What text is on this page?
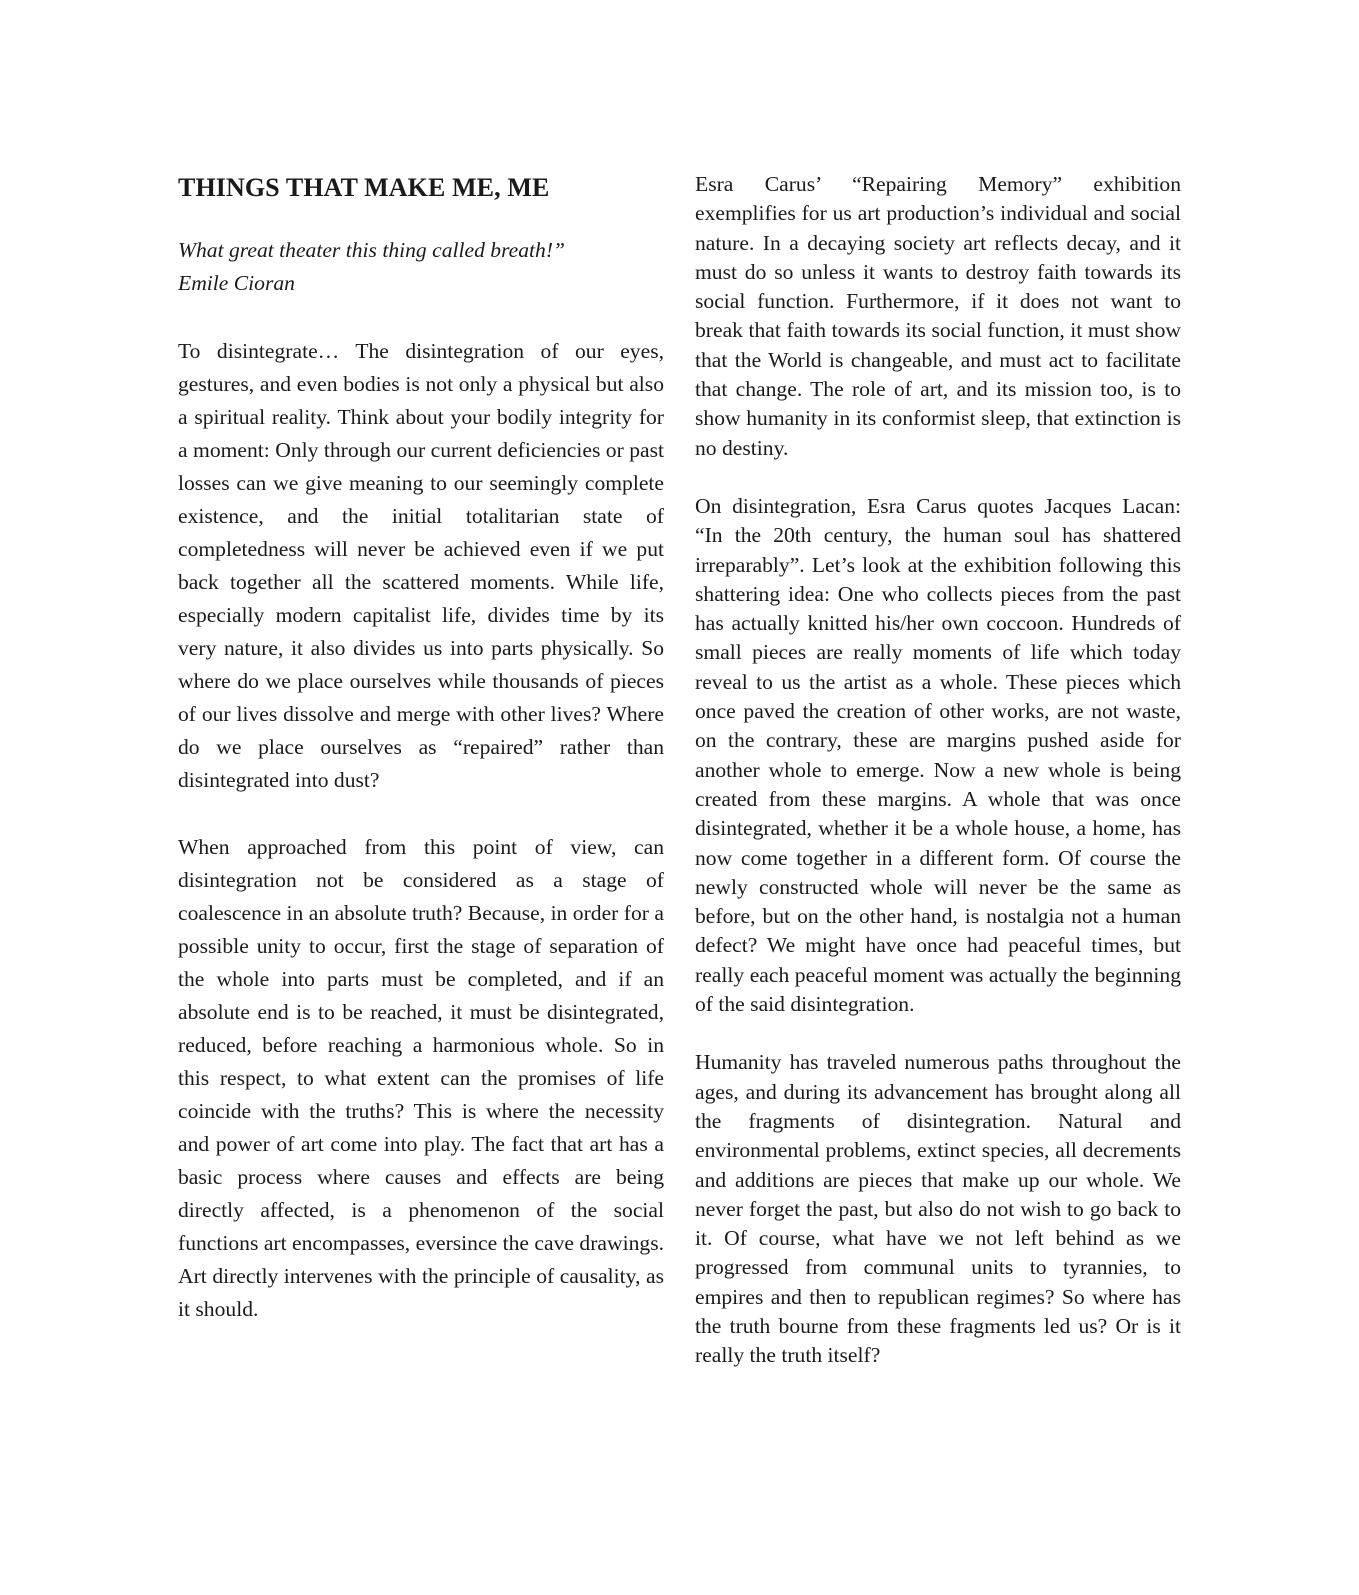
THINGS THAT MAKE ME, ME
What great theater this thing called breath!”
Emile Cioran

To disintegrate… The disintegration of our eyes, gestures, and even bodies is not only a physical but also a spiritual reality. Think about your bodily integrity for a moment: Only through our current deficiencies or past losses can we give meaning to our seemingly complete existence, and the initial totalitarian state of completedness will never be achieved even if we put back together all the scattered moments. While life, especially modern capitalist life, divides time by its very nature, it also divides us into parts physically. So where do we place ourselves while thousands of pieces of our lives dissolve and merge with other lives? Where do we place ourselves as “repaired” rather than disintegrated into dust?

When approached from this point of view, can disintegration not be considered as a stage of coalescence in an absolute truth? Because, in order for a possible unity to occur, first the stage of separation of the whole into parts must be completed, and if an absolute end is to be reached, it must be disintegrated, reduced, before reaching a harmonious whole. So in this respect, to what extent can the promises of life coincide with the truths? This is where the necessity and power of art come into play. The fact that art has a basic process where causes and effects are being directly affected, is a phenomenon of the social functions art encompasses, eversince the cave drawings. Art directly intervenes with the principle of causality, as it should.

Esra Carus’ “Repairing Memory” exhibition exemplifies for us art production’s individual and social nature. In a decaying society art reflects decay, and it must do so unless it wants to destroy faith towards its social function. Furthermore, if it does not want to break that faith towards its social function, it must show that the World is changeable, and must act to facilitate that change. The role of art, and its mission too, is to show humanity in its conformist sleep, that extinction is no destiny.

On disintegration, Esra Carus quotes Jacques Lacan: “In the 20th century, the human soul has shattered irreparably”. Let’s look at the exhibition following this shattering idea: One who collects pieces from the past has actually knitted his/her own coccoon. Hundreds of small pieces are really moments of life which today reveal to us the artist as a whole. These pieces which once paved the creation of other works, are not waste, on the contrary, these are margins pushed aside for another whole to emerge. Now a new whole is being created from these margins. A whole that was once disintegrated, whether it be a whole house, a home, has now come together in a different form. Of course the newly constructed whole will never be the same as before, but on the other hand, is nostalgia not a human defect? We might have once had peaceful times, but really each peaceful moment was actually the beginning of the said disintegration.

Humanity has traveled numerous paths throughout the ages, and during its advancement has brought along all the fragments of disintegration. Natural and environmental problems, extinct species, all decrements and additions are pieces that make up our whole. We never forget the past, but also do not wish to go back to it. Of course, what have we not left behind as we progressed from communal units to tyrannies, to empires and then to republican regimes? So where has the truth bourne from these fragments led us? Or is it really the truth itself?
